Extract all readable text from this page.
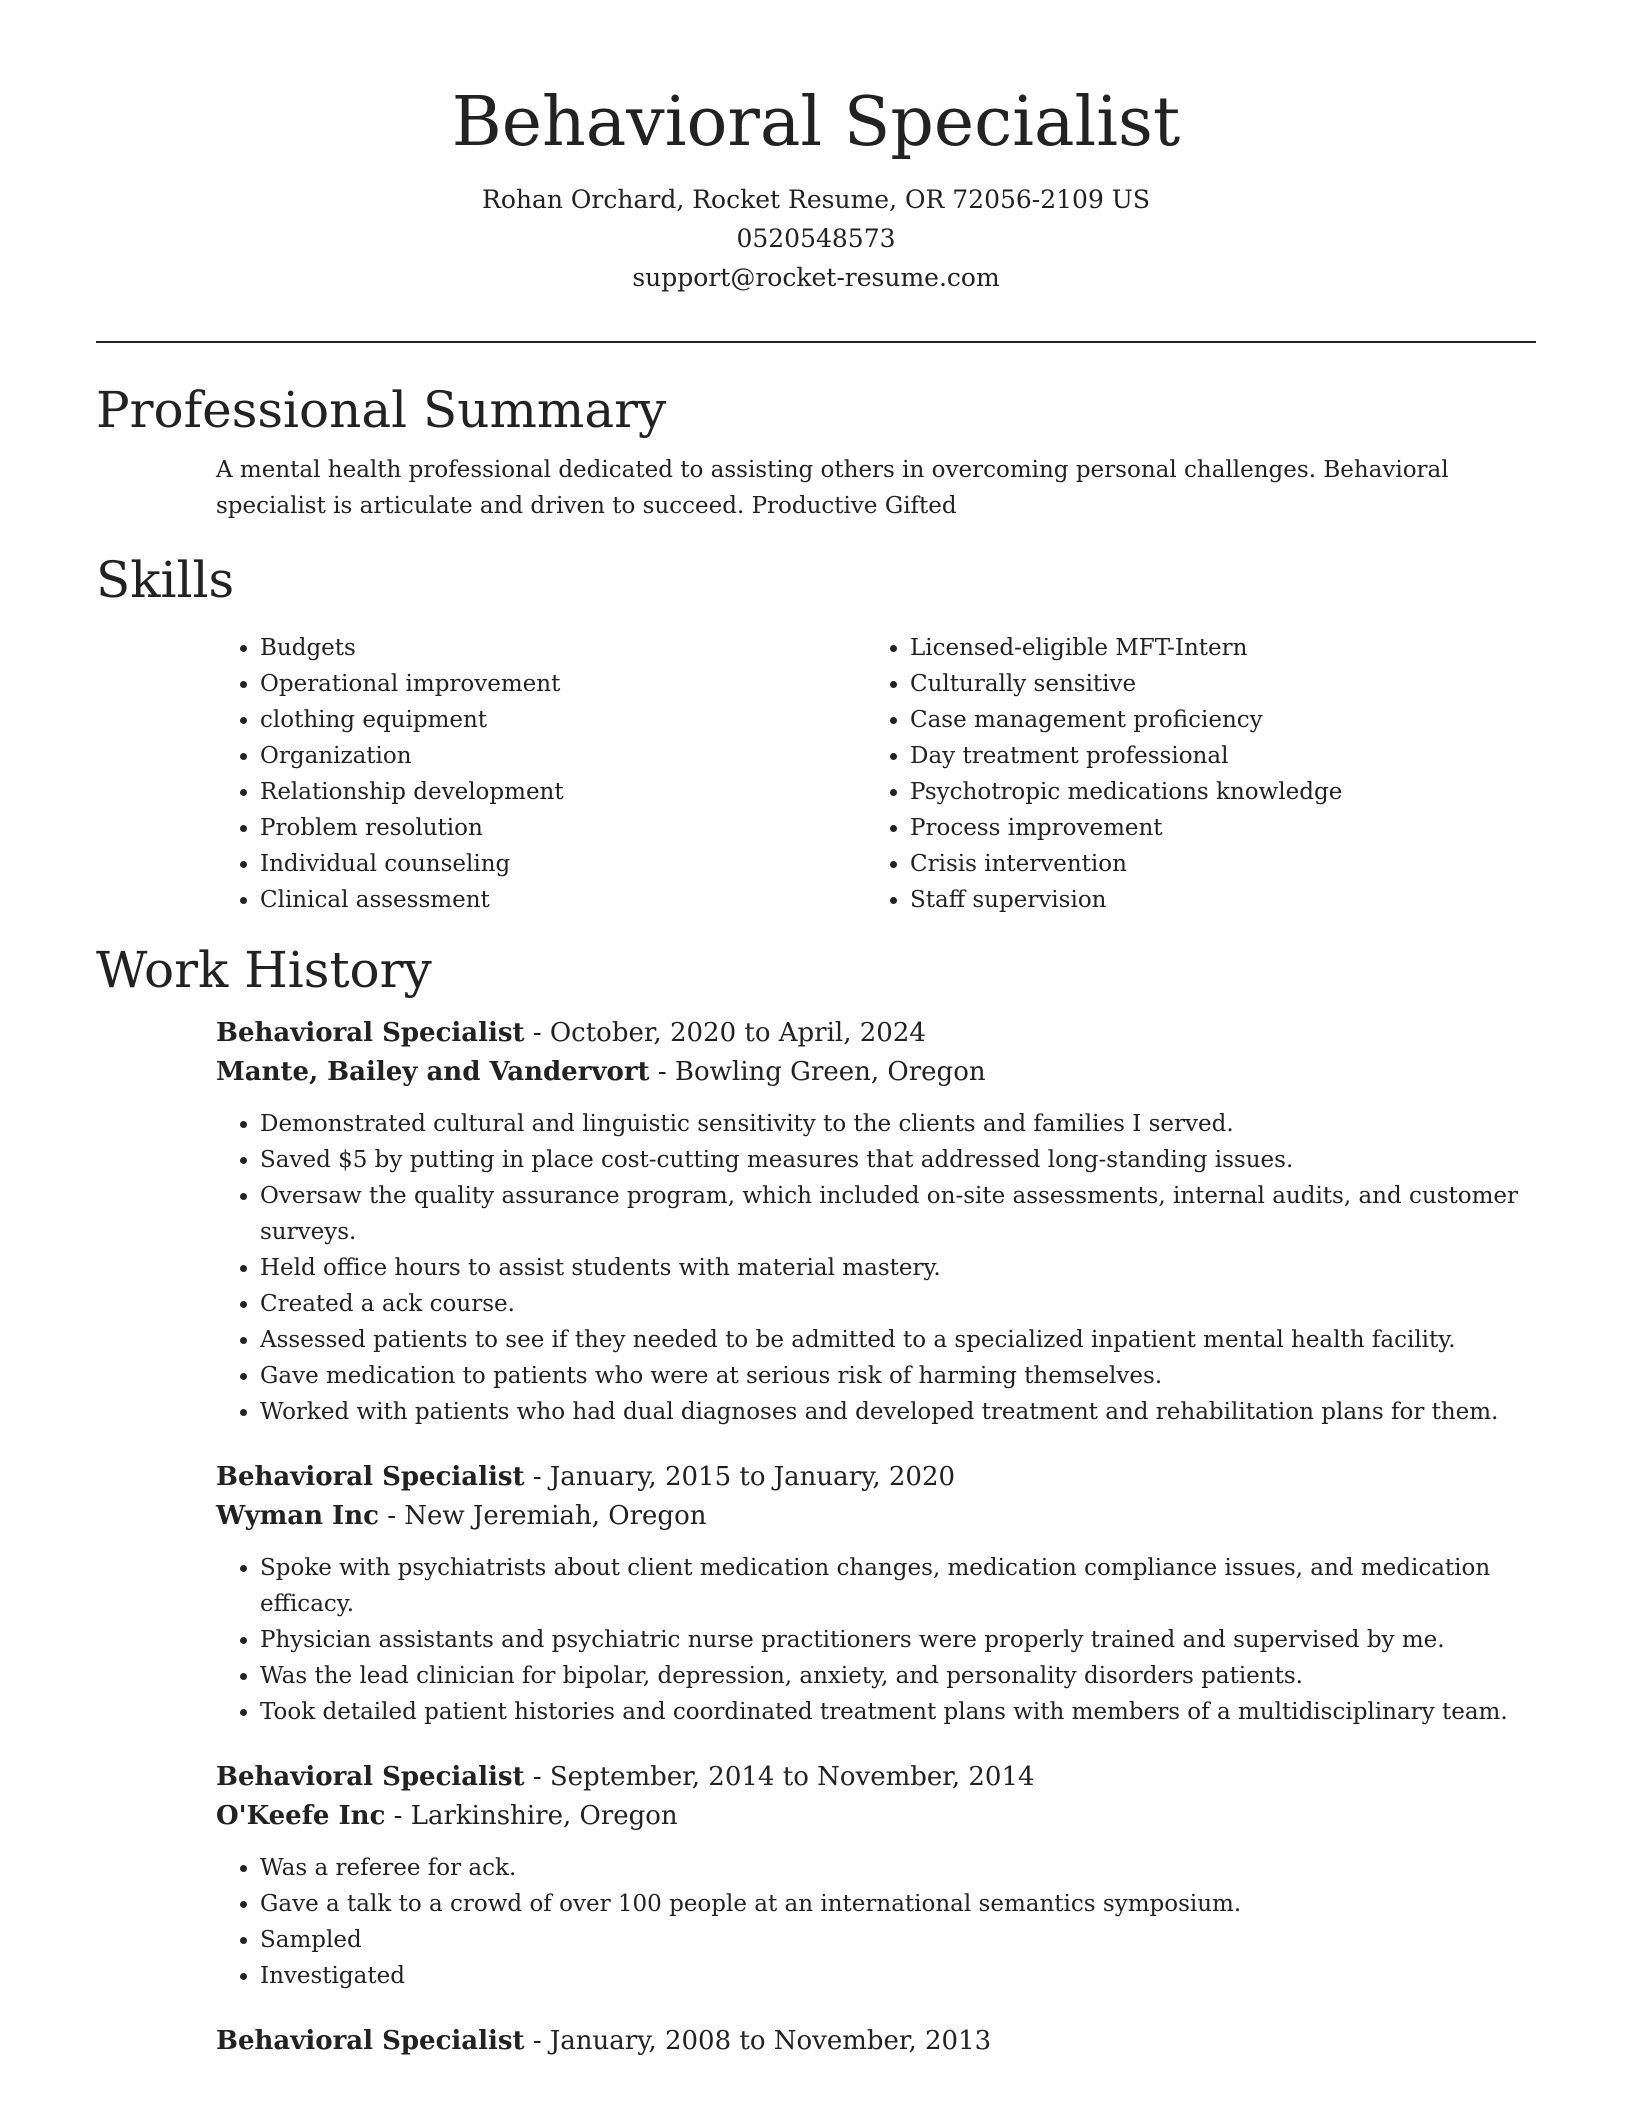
Behavioral Specialist
Rohan Orchard, Rocket Resume, OR 72056-2109 US
0520548573
support@rocket-resume.com
Professional Summary
A mental health professional dedicated to assisting others in overcoming personal challenges. Behavioral specialist is articulate and driven to succeed. Productive Gifted
Skills
• Budgets
• Operational improvement
• clothing equipment
• Organization
• Relationship development
• Problem resolution
• Individual counseling
• Clinical assessment
• Licensed-eligible MFT-Intern
• Culturally sensitive
• Case management proficiency
• Day treatment professional
• Psychotropic medications knowledge
• Process improvement
• Crisis intervention
• Staff supervision
Work History
Behavioral Specialist - October, 2020 to April, 2024
Mante, Bailey and Vandervort - Bowling Green, Oregon
• Demonstrated cultural and linguistic sensitivity to the clients and families I served.
• Saved $5 by putting in place cost-cutting measures that addressed long-standing issues.
• Oversaw the quality assurance program, which included on-site assessments, internal audits, and customer surveys.
• Held office hours to assist students with material mastery.
• Created a ack course.
• Assessed patients to see if they needed to be admitted to a specialized inpatient mental health facility.
• Gave medication to patients who were at serious risk of harming themselves.
• Worked with patients who had dual diagnoses and developed treatment and rehabilitation plans for them.
Behavioral Specialist - January, 2015 to January, 2020
Wyman Inc - New Jeremiah, Oregon
• Spoke with psychiatrists about client medication changes, medication compliance issues, and medication efficacy.
• Physician assistants and psychiatric nurse practitioners were properly trained and supervised by me.
• Was the lead clinician for bipolar, depression, anxiety, and personality disorders patients.
• Took detailed patient histories and coordinated treatment plans with members of a multidisciplinary team.
Behavioral Specialist - September, 2014 to November, 2014
O'Keefe Inc - Larkinshire, Oregon
• Was a referee for ack.
• Gave a talk to a crowd of over 100 people at an international semantics symposium.
• Sampled
• Investigated
Behavioral Specialist - January, 2008 to November, 2013
